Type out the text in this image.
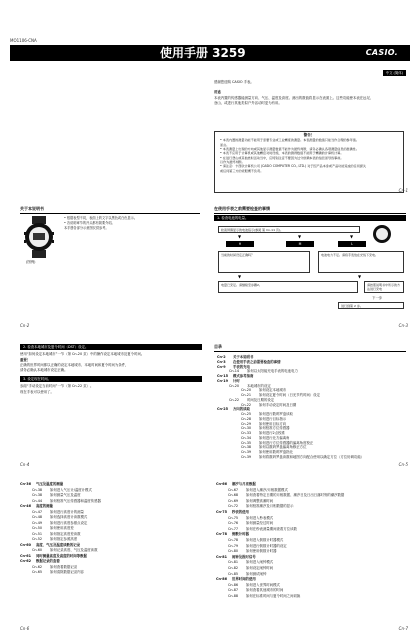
MO1106-CNA
使用手册 3259	CASIO.
中文 (简体)
感谢您选购 CASIO 手表。
用途
本表内置的传感器能测量方向、气压、温度及高度。测出的数值将显示在表面上。这些功能使本表在远足、
登山、或进行其他类似户外活动时更为有用。
警告！
• 本表内置的测量功能不能用于需要专业或工业精度的测量。本表测量的数值只能当作合理的参考值。
而言。
• 本表测量上出现的方向或其他显示测量数值不能作为最终判断，请务必确认各项测量信息的准确性。
• 本表不应用于计算机或其他精密对时设施，本表的测得数值不能用于精确的计算机计算。
• 在进行登山或其他类似活动当中，应特别注意不要因为过分依赖本表的信息而导致事故。
以作为最终判断。
• 请注意：卡西欧计算机公司 (CASIO COMPUTER CO., LTD.) 对于因产品本身或产品功能造成的任何损失
或任何第三方的索赔概不负责。
Cn-1
关于本说明书
(图例)
• 根据表型不同，表面上的文字以黑色或白色显示。
• 各说明章节的开头都有简要介绍。
本手册各部分示意图仅供参考。
Cn-2
在使用手表之前需要检查的事情
1. 检查电池的电量。
检查屏幕显示的电池指示(参阅 第 Cn-11 页)。
▼	▼	▼
H	M	L
当前的时间设定正确吗？	电池电力不足。请将手表放在光线下充电。
▼	▼
电量已充足。请继续至步骤2。	请按照说明书中所示的方法进行充电
下一步
进行到第 2 步。
Cn-3
2. 检查本地城市及夏令时间（DST）设定。
使用“如何设定本地城市”一节（第 Cn-20 页）中的操作设定本地城市及夏令时间。
重要！
正确的世界时间都以正确的设定本地城市、本地时间和夏令时间为条件，
请务必确认本地城市设定正确。
3. 设定现在时间。
参阅“手动设定当前时间”一节（第 Cn-22 页）。
现在手表可以使用了。
Cn-4
目录
Cn-2 关于本说明书
Cn-3 在使用手表之前需要检查的事情
Cn-9 手表的充电
Cn-14 如何以太阳能充电手表的电池电力
Cn-15 模式参考指南
Cn-19 计时
Cn-20 本地城市的设定
Cn-20 如何设定本地城市
Cn-21 如何设定夏令时间（日光节约时间）设定
Cn-22 时间及日期的设定
Cn-22 如何手动设定时间及日期
Cn-25 方向的读取
Cn-25 如何进行数码罗盘读取
Cn-28 如何进行目标指示
Cn-29 如何使用目标方向
Cn-30 如何校准方位传感器
Cn-33 如何进行2点校准
Cn-34 如何进行北方偏离角
Cn-35 如何进行方位传感器的偏离角度校正
Cn-38 如何以数码罗盘偏离角修正方位
Cn-39 如何使用数码罗盘指北
Cn-39 如何将数码罗盘读数和地图方向配合使用以确定方位（方位协调功能）
Cn-5
Cn-36 气压及温度的测量
Cn-38 如何进入气压计/温度计模式
Cn-38 如何测量气压及温度
Cn-44 如何校准气压传感器和温度传感器
Cn-46 高度的测量
Cn-47 如何进行高度计的测量
Cn-48 如何选择高度计读数模式
Cn-49 如何进行高度参照点设定
Cn-50 如何使用高度差
Cn-51 如何指定高度差读数
Cn-52 如何指定参照高度
Cn-60 高度、气压及温度读数的记录
Cn-60 如何记录高度、气压及温度读数
Cn-61 同时测量高度及高度的时间等数据
Cn-62 数据记录的查看
Cn-62 如何查看数据记录
Cn-65 如何清除数据记录内容
Cn-6
Cn-66 潮汐与月亮数据
Cn-67 如何进入潮汐/月相数据模式
Cn-68 如何查看特定日期的月相数据、潮汐日及日出日落时刻的潮汐数据
Cn-69 如何调整高潮时间
Cn-72 如何校准潮汐及月相数据的显示
Cn-75 秒表的使用
Cn-75 如何进入秒表模式
Cn-76 如何测量经过时间
Cn-77 如何在秒表测量期间查看方位读数
Cn-78 倒数计时器
Cn-78 如何进入倒数计时器模式
Cn-79 如何进行倒数计时器的设定
Cn-80 如何使用倒数计时器
Cn-81 闹钟及报时信号
Cn-81 如何进入闹钟模式
Cn-82 如何设定闹钟时间
Cn-85 如何测试闹钟
Cn-86 世界时间的使用
Cn-86 如何进入世界时间模式
Cn-87 如何查看其他城市的时间
Cn-88 如何在标准时间与夏令时间之间切换
Cn-7
